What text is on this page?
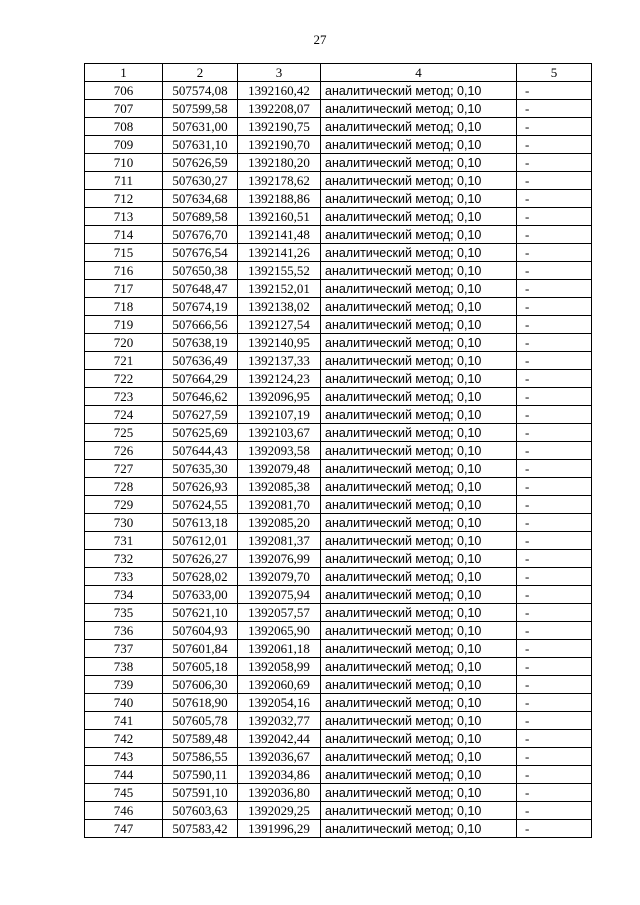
27
1	2	3	4	5
706	507574,08	1392160,42	аналитический метод; 0,10	-
707	507599,58	1392208,07	аналитический метод; 0,10	-
708	507631,00	1392190,75	аналитический метод; 0,10	-
709	507631,10	1392190,70	аналитический метод; 0,10	-
710	507626,59	1392180,20	аналитический метод; 0,10	-
711	507630,27	1392178,62	аналитический метод; 0,10	-
712	507634,68	1392188,86	аналитический метод; 0,10	-
713	507689,58	1392160,51	аналитический метод; 0,10	-
714	507676,70	1392141,48	аналитический метод; 0,10	-
715	507676,54	1392141,26	аналитический метод; 0,10	-
716	507650,38	1392155,52	аналитический метод; 0,10	-
717	507648,47	1392152,01	аналитический метод; 0,10	-
718	507674,19	1392138,02	аналитический метод; 0,10	-
719	507666,56	1392127,54	аналитический метод; 0,10	-
720	507638,19	1392140,95	аналитический метод; 0,10	-
721	507636,49	1392137,33	аналитический метод; 0,10	-
722	507664,29	1392124,23	аналитический метод; 0,10	-
723	507646,62	1392096,95	аналитический метод; 0,10	-
724	507627,59	1392107,19	аналитический метод; 0,10	-
725	507625,69	1392103,67	аналитический метод; 0,10	-
726	507644,43	1392093,58	аналитический метод; 0,10	-
727	507635,30	1392079,48	аналитический метод; 0,10	-
728	507626,93	1392085,38	аналитический метод; 0,10	-
729	507624,55	1392081,70	аналитический метод; 0,10	-
730	507613,18	1392085,20	аналитический метод; 0,10	-
731	507612,01	1392081,37	аналитический метод; 0,10	-
732	507626,27	1392076,99	аналитический метод; 0,10	-
733	507628,02	1392079,70	аналитический метод; 0,10	-
734	507633,00	1392075,94	аналитический метод; 0,10	-
735	507621,10	1392057,57	аналитический метод; 0,10	-
736	507604,93	1392065,90	аналитический метод; 0,10	-
737	507601,84	1392061,18	аналитический метод; 0,10	-
738	507605,18	1392058,99	аналитический метод; 0,10	-
739	507606,30	1392060,69	аналитический метод; 0,10	-
740	507618,90	1392054,16	аналитический метод; 0,10	-
741	507605,78	1392032,77	аналитический метод; 0,10	-
742	507589,48	1392042,44	аналитический метод; 0,10	-
743	507586,55	1392036,67	аналитический метод; 0,10	-
744	507590,11	1392034,86	аналитический метод; 0,10	-
745	507591,10	1392036,80	аналитический метод; 0,10	-
746	507603,63	1392029,25	аналитический метод; 0,10	-
747	507583,42	1391996,29	аналитический метод; 0,10	-
